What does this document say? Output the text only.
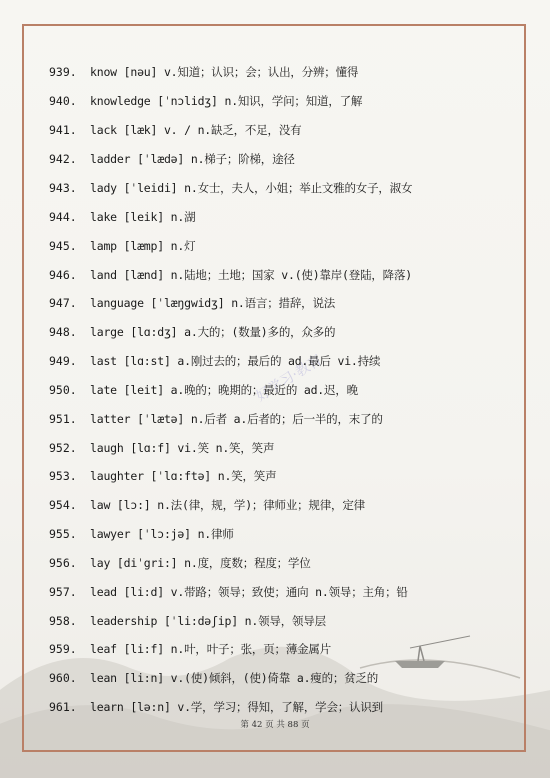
好学习·教育
939.	know [nəu] v.知道；认识；会；认出，分辨；懂得
940.	knowledge [ˈnɔlidʒ] n.知识，学问；知道，了解
941.	lack [læk] v. / n.缺乏，不足，没有
942.	ladder [ˈlædə] n.梯子；阶梯，途径
943.	lady [ˈleidi] n.女士，夫人，小姐；举止文雅的女子，淑女
944.	lake [leik] n.湖
945.	lamp [læmp] n.灯
946.	land [lænd] n.陆地；土地；国家 v.(使)靠岸(登陆，降落)
947.	language [ˈlæŋgwidʒ] n.语言；措辞，说法
948.	large [lɑ:dʒ] a.大的；(数量)多的，众多的
949.	last [lɑ:st] a.刚过去的；最后的 ad.最后 vi.持续
950.	late [leit] a.晚的；晚期的；最近的 ad.迟，晚
951.	latter [ˈlætə] n.后者 a.后者的；后一半的，末了的
952.	laugh [lɑ:f] vi.笑 n.笑，笑声
953.	laughter [ˈlɑ:ftə] n.笑，笑声
954.	law [lɔ:] n.法(律，规，学)；律师业；规律，定律
955.	lawyer [ˈlɔ:jə] n.律师
956.	lay [diˈgri:] n.度，度数；程度；学位
957.	lead [li:d] v.带路；领导；致使；通向 n.领导；主角；铅
958.	leadership [ˈli:dəʃip] n.领导，领导层
959.	leaf [li:f] n.叶，叶子；张，页；薄金属片
960.	lean [li:n] v.(使)倾斜，(使)倚靠 a.瘦的；贫乏的
961.	learn [lə:n] v.学，学习；得知，了解，学会；认识到
第 42 页 共 88 页
